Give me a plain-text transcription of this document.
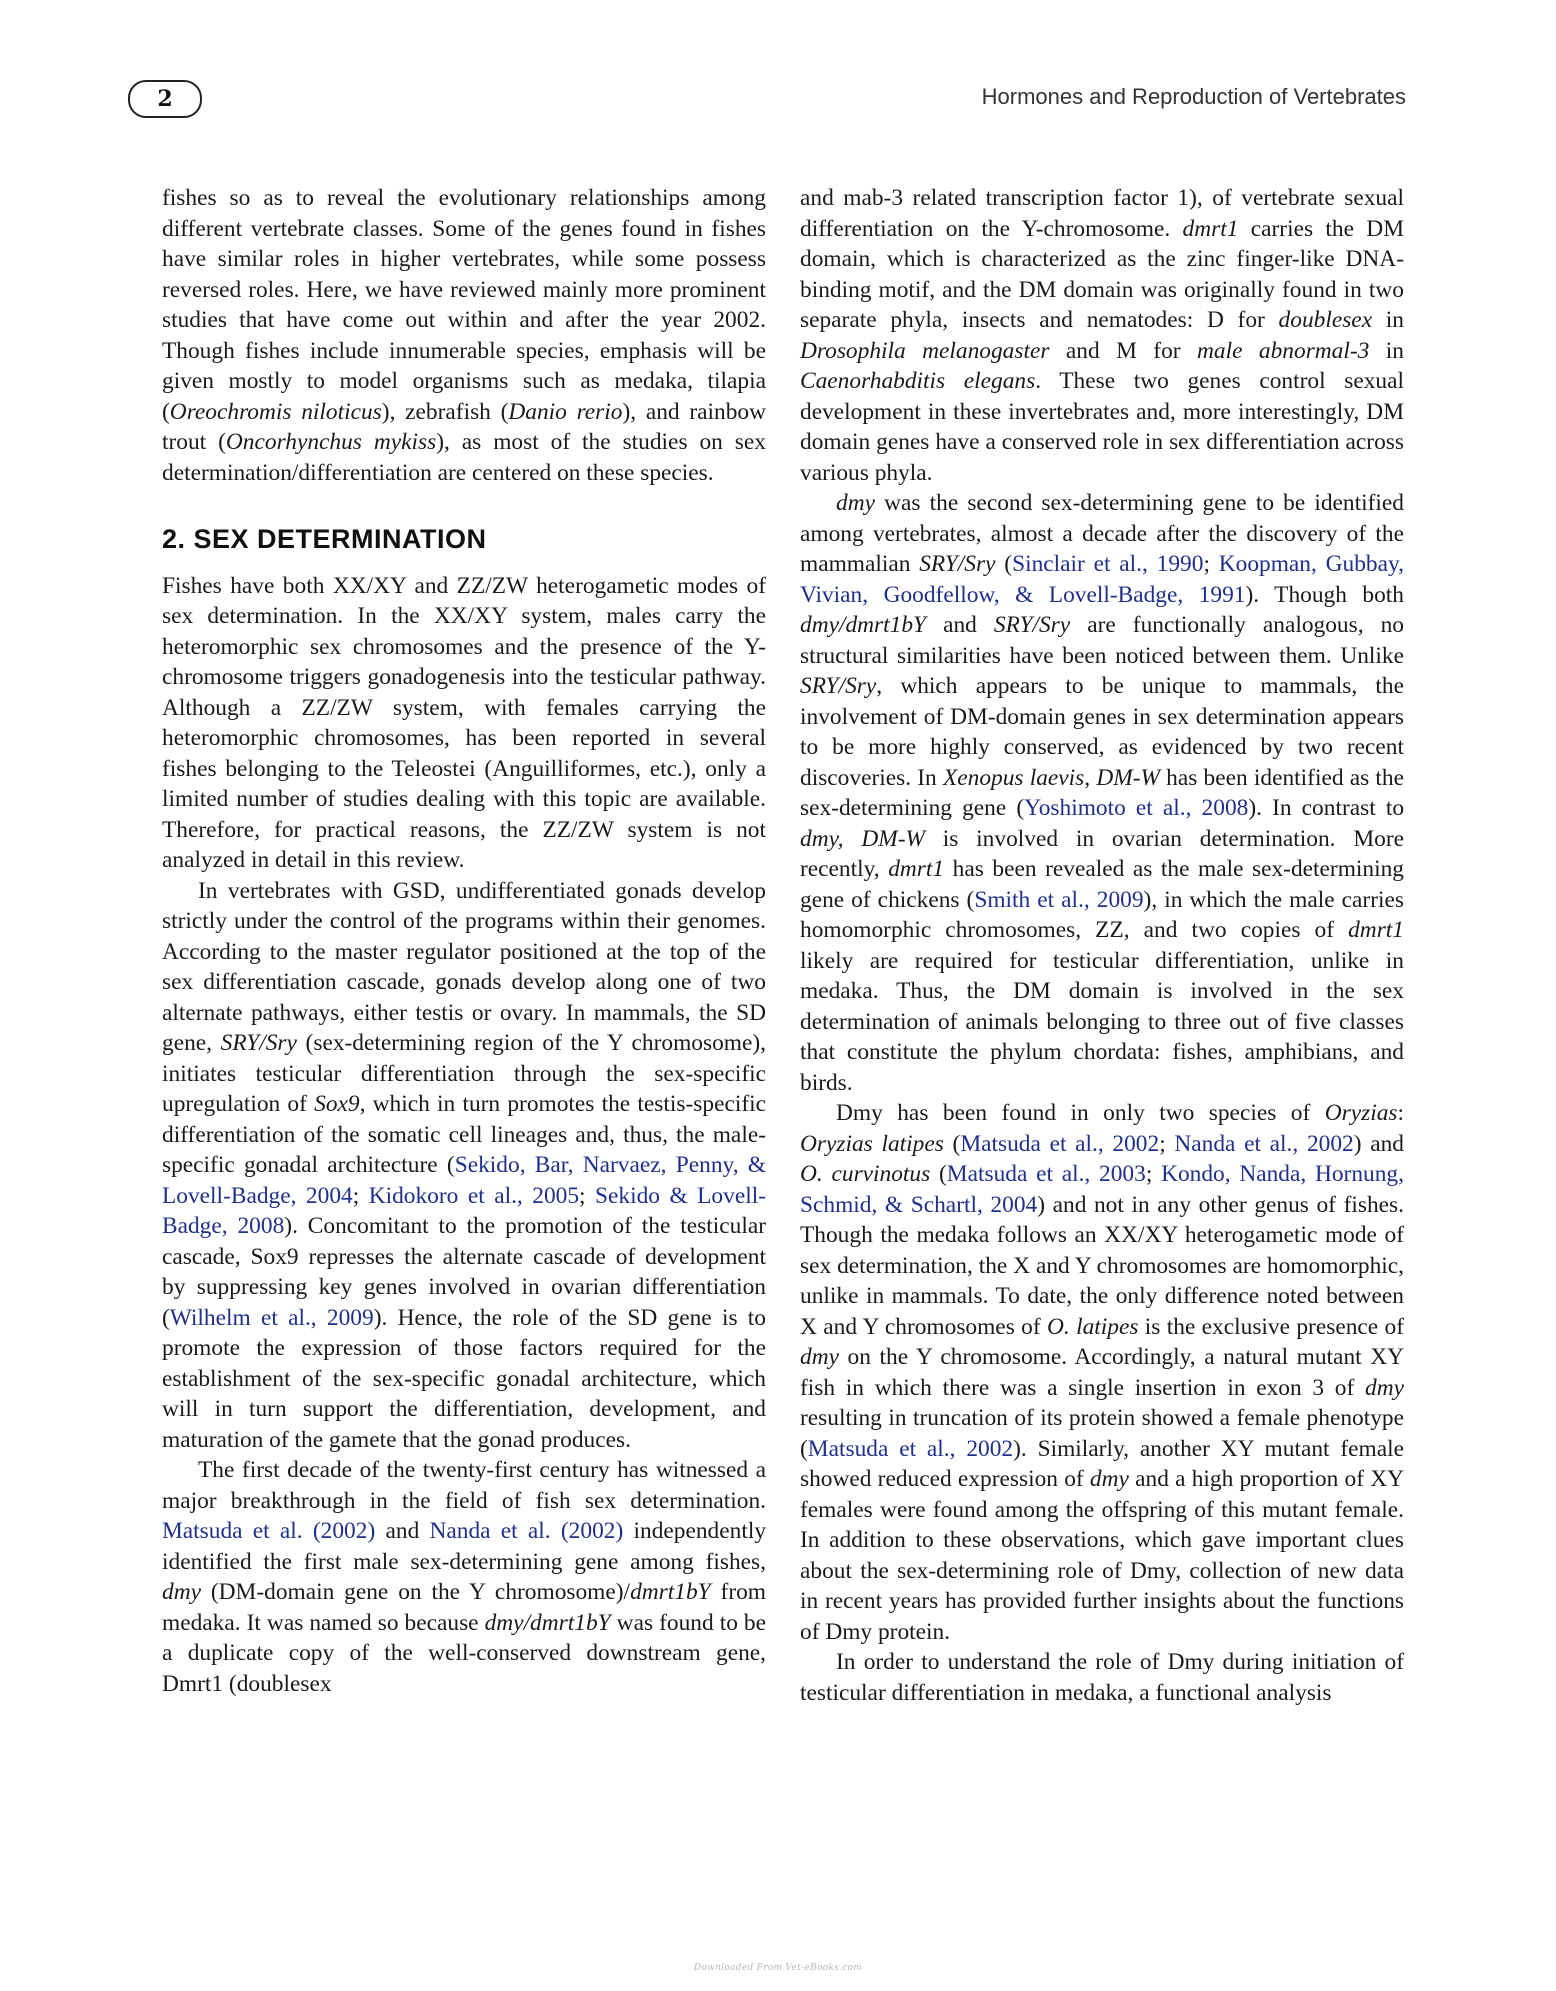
2	Hormones and Reproduction of Vertebrates

fishes so as to reveal the evolutionary relationships among different vertebrate classes. Some of the genes found in fishes have similar roles in higher vertebrates, while some possess reversed roles. Here, we have reviewed mainly more prominent studies that have come out within and after the year 2002. Though fishes include innumerable species, emphasis will be given mostly to model organisms such as medaka, tilapia (Oreochromis niloticus), zebrafish (Danio rerio), and rainbow trout (Oncorhynchus mykiss), as most of the studies on sex determination/differentiation are centered on these species.

2. SEX DETERMINATION

Fishes have both XX/XY and ZZ/ZW heterogametic modes of sex determination. In the XX/XY system, males carry the heteromorphic sex chromosomes and the presence of the Y-chromosome triggers gonadogenesis into the testicular pathway. Although a ZZ/ZW system, with females carrying the heteromorphic chromosomes, has been reported in several fishes belonging to the Teleostei (Anguilliformes, etc.), only a limited number of studies dealing with this topic are available. Therefore, for practical reasons, the ZZ/ZW system is not analyzed in detail in this review.

In vertebrates with GSD, undifferentiated gonads develop strictly under the control of the programs within their genomes. According to the master regulator positioned at the top of the sex differentiation cascade, gonads develop along one of two alternate pathways, either testis or ovary. In mammals, the SD gene, SRY/Sry (sex-determining region of the Y chromosome), initiates testicular differentiation through the sex-specific upregulation of Sox9, which in turn promotes the testis-specific differentiation of the somatic cell lineages and, thus, the male-specific gonadal architecture (Sekido, Bar, Narvaez, Penny, & Lovell-Badge, 2004; Kidokoro et al., 2005; Sekido & Lovell-Badge, 2008). Concomitant to the promotion of the testicular cascade, Sox9 represses the alternate cascade of development by suppressing key genes involved in ovarian differentiation (Wilhelm et al., 2009). Hence, the role of the SD gene is to promote the expression of those factors required for the establishment of the sex-specific gonadal architecture, which will in turn support the differentiation, development, and maturation of the gamete that the gonad produces.

The first decade of the twenty-first century has witnessed a major breakthrough in the field of fish sex determination. Matsuda et al. (2002) and Nanda et al. (2002) independently identified the first male sex-determining gene among fishes, dmy (DM-domain gene on the Y chromosome)/dmrt1bY from medaka. It was named so because dmy/dmrt1bY was found to be a duplicate copy of the well-conserved downstream gene, Dmrt1 (doublesex

and mab-3 related transcription factor 1), of vertebrate sexual differentiation on the Y-chromosome. dmrt1 carries the DM domain, which is characterized as the zinc finger-like DNA-binding motif, and the DM domain was originally found in two separate phyla, insects and nematodes: D for doublesex in Drosophila melanogaster and M for male abnormal-3 in Caenorhabditis elegans. These two genes control sexual development in these invertebrates and, more interestingly, DM domain genes have a conserved role in sex differentiation across various phyla.

dmy was the second sex-determining gene to be identified among vertebrates, almost a decade after the discovery of the mammalian SRY/Sry (Sinclair et al., 1990; Koopman, Gubbay, Vivian, Goodfellow, & Lovell-Badge, 1991). Though both dmy/dmrt1bY and SRY/Sry are functionally analogous, no structural similarities have been noticed between them. Unlike SRY/Sry, which appears to be unique to mammals, the involvement of DM-domain genes in sex determination appears to be more highly conserved, as evidenced by two recent discoveries. In Xenopus laevis, DM-W has been identified as the sex-determining gene (Yoshimoto et al., 2008). In contrast to dmy, DM-W is involved in ovarian determination. More recently, dmrt1 has been revealed as the male sex-determining gene of chickens (Smith et al., 2009), in which the male carries homomorphic chromosomes, ZZ, and two copies of dmrt1 likely are required for testicular differentiation, unlike in medaka. Thus, the DM domain is involved in the sex determination of animals belonging to three out of five classes that constitute the phylum chordata: fishes, amphibians, and birds.

Dmy has been found in only two species of Oryzias: Oryzias latipes (Matsuda et al., 2002; Nanda et al., 2002) and O. curvinotus (Matsuda et al., 2003; Kondo, Nanda, Hornung, Schmid, & Schartl, 2004) and not in any other genus of fishes. Though the medaka follows an XX/XY heterogametic mode of sex determination, the X and Y chromosomes are homomorphic, unlike in mammals. To date, the only difference noted between X and Y chromosomes of O. latipes is the exclusive presence of dmy on the Y chromosome. Accordingly, a natural mutant XY fish in which there was a single insertion in exon 3 of dmy resulting in truncation of its protein showed a female phenotype (Matsuda et al., 2002). Similarly, another XY mutant female showed reduced expression of dmy and a high proportion of XY females were found among the offspring of this mutant female. In addition to these observations, which gave important clues about the sex-determining role of Dmy, collection of new data in recent years has provided further insights about the functions of Dmy protein.

In order to understand the role of Dmy during initiation of testicular differentiation in medaka, a functional analysis

Downloaded From Vet-eBooks.com
